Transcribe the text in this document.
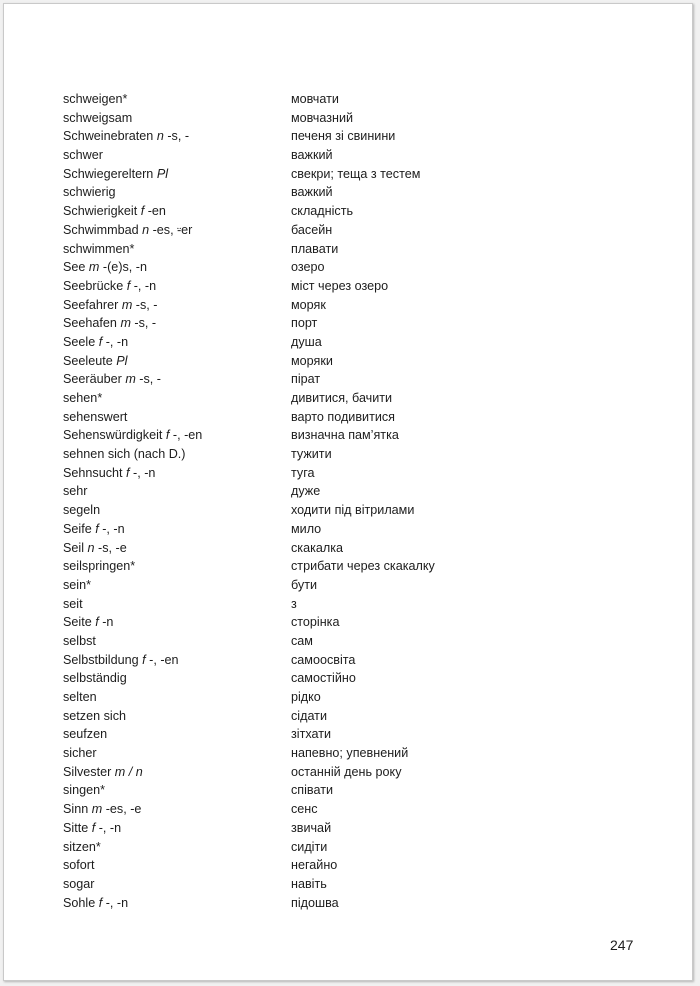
schweigen*	мовчати
schweigsam	мовчазний
Schweinebraten n -s, -	печеня зі свинини
schwer	важкий
Schwiegereltern Pl	свекри; теща з тестем
schwierig	важкий
Schwierigkeit f -en	складність
Schwimmbad n -es, ⸚er	басейн
schwimmen*	плавати
See m -(e)s, -n	озеро
Seebrücke f -, -n	міст через озеро
Seefahrer m -s, -	моряк
Seehafen m -s, -	порт
Seele f -, -n	душа
Seeleute Pl	моряки
Seeräuber m -s, -	пірат
sehen*	дивитися, бачити
sehenswert	варто подивитися
Sehenswürdigkeit f -, -en	визначна пам’ятка
sehnen sich (nach D.)	тужити
Sehnsucht f -, -n	туга
sehr	дуже
segeln	ходити під вітрилами
Seife f -, -n	мило
Seil n -s, -e	скакалка
seilspringen*	стрибати через скакалку
sein*	бути
seit	з
Seite f -n	сторінка
selbst	сам
Selbstbildung f -, -en	самоосвіта
selbständig	самостійно
selten	рідко
setzen sich	сідати
seufzen	зітхати
sicher	напевно; упевнений
Silvester m / n	останній день року
singen*	співати
Sinn m -es, -e	сенс
Sitte f -, -n	звичай
sitzen*	сидіти
sofort	негайно
sogar	навіть
Sohle f -, -n	підошва
247
